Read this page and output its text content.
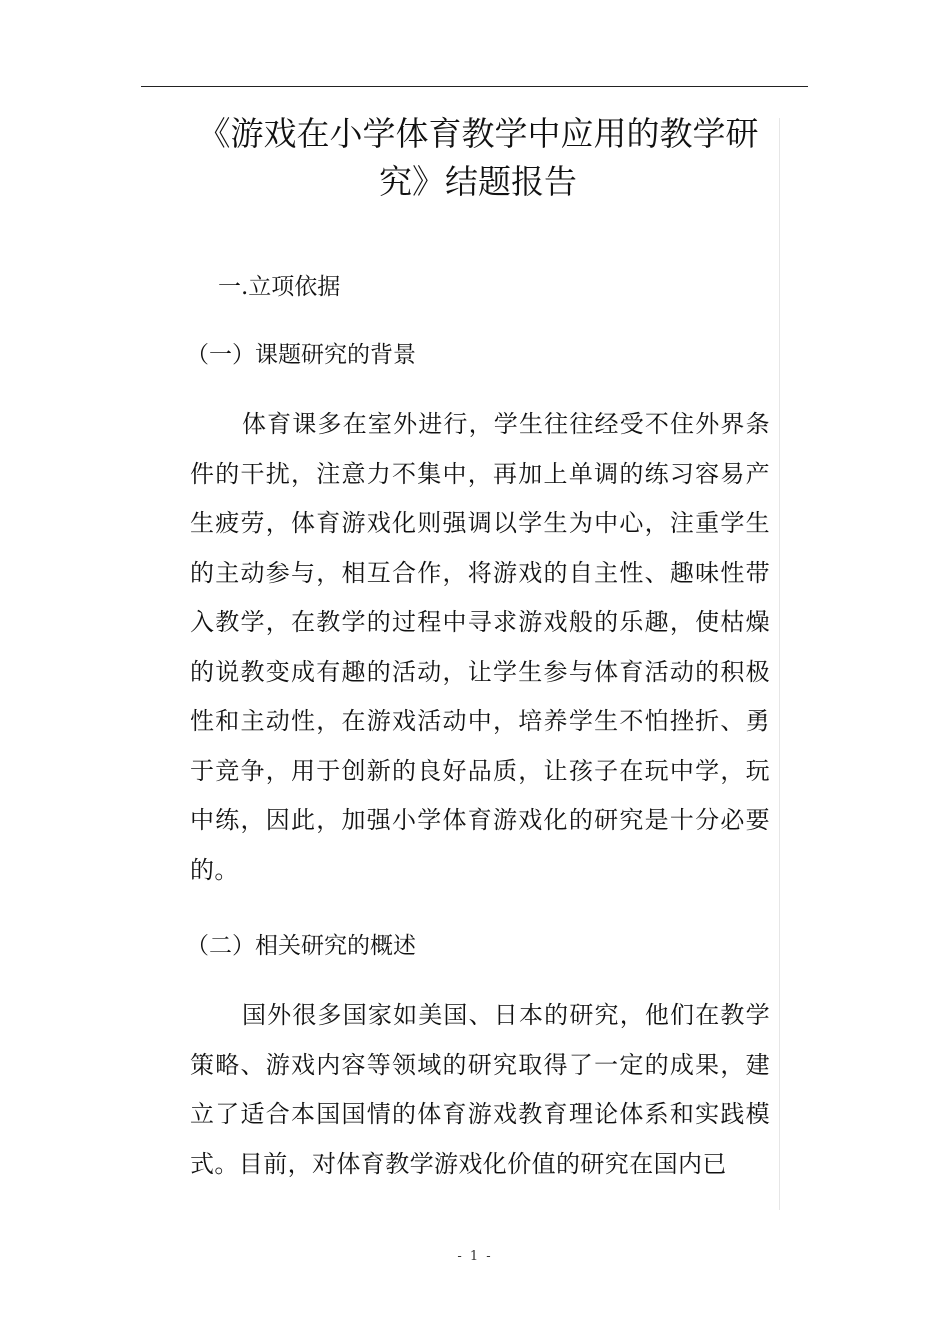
《游戏在小学体育教学中应用的教学研究》结题报告
一.立项依据
（一）课题研究的背景

体育课多在室外进行，学生往往经受不住外界条件的干扰，注意力不集中，再加上单调的练习容易产生疲劳，体育游戏化则强调以学生为中心，注重学生的主动参与，相互合作，将游戏的自主性、趣味性带入教学，在教学的过程中寻求游戏般的乐趣，使枯燥的说教变成有趣的活动，让学生参与体育活动的积极性和主动性，在游戏活动中，培养学生不怕挫折、勇于竞争，用于创新的良好品质，让孩子在玩中学，玩中练，因此，加强小学体育游戏化的研究是十分必要的。

（二）相关研究的概述

国外很多国家如美国、日本的研究，他们在教学策略、游戏内容等领域的研究取得了一定的成果，建立了适合本国国情的体育游戏教育理论体系和实践模式。目前，对体育教学游戏化价值的研究在国内已

- 1 -
